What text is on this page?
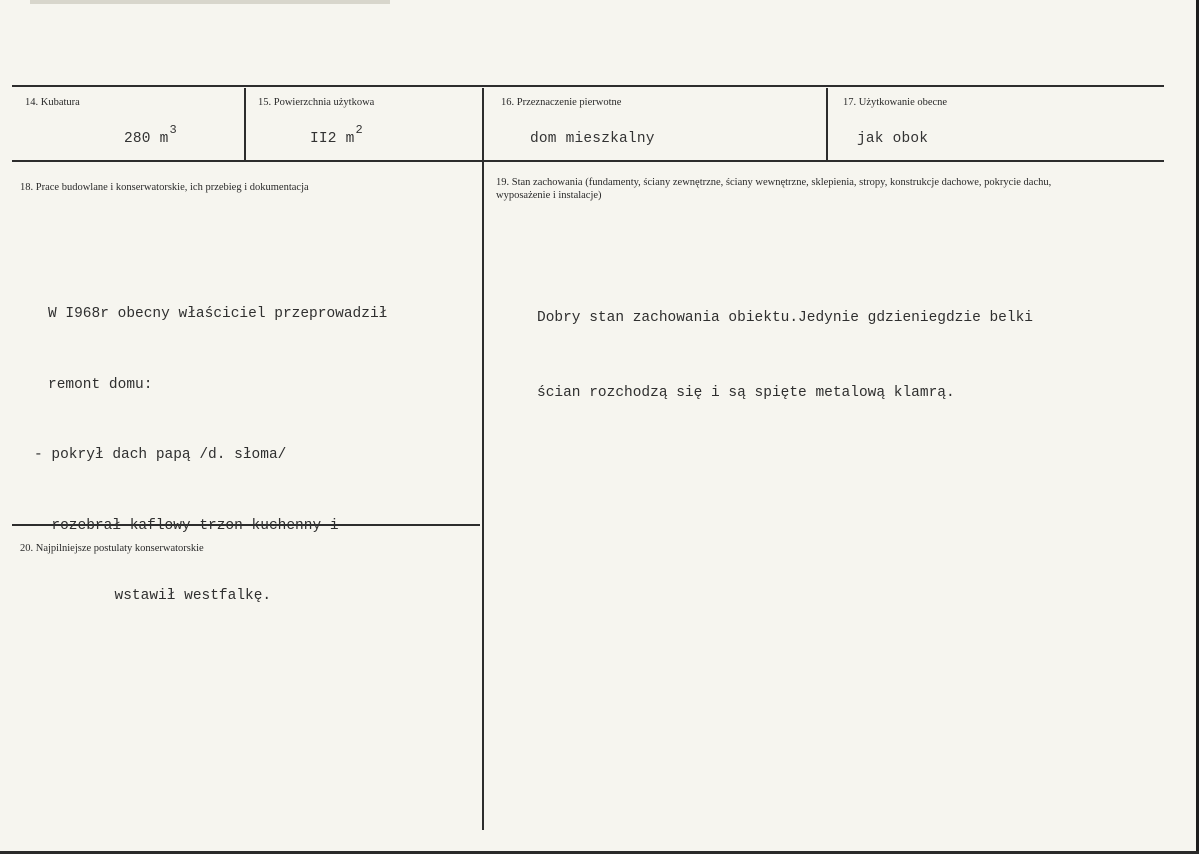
14. Kubatura
280 $m^3$
15. Powierzchnia użytkowa
II2 $m^2$
16. Przeznaczenie pierwotne
dom mieszkalny
17. Użytkowanie obecne
jak obok
18. Prace budowlane i konserwatorskie, ich przebieg i dokumentacja

W I968r obecny właściciel przeprowadził

remont domu:

- pokrył dach papą /d. słoma/

- rozebrał kaflowy trzon kuchenny i

wstawił westfalkę.

19. Stan zachowania (fundamenty, ściany zewnętrzne, ściany wewnętrzne, sklepienia, stropy, konstrukcje dachowe, pokrycie dachu, wyposażenie i instalacje)

Dobry stan zachowania obiektu.Jedynie gdzieniegdzie belki

ścian rozchodzą się i są spięte metalową klamrą.

20. Najpilniejsze postulaty konserwatorskie
